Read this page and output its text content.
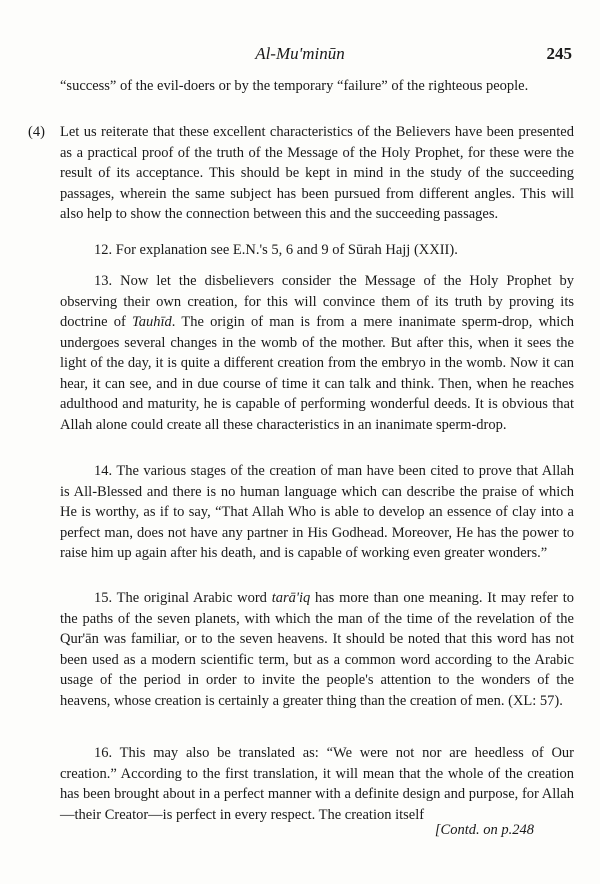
Al-Mu'minūn	245

“success” of the evil-doers or by the temporary “failure” of the righteous people.

(4) Let us reiterate that these excellent characteristics of the Believers have been presented as a practical proof of the truth of the Message of the Holy Prophet, for these were the result of its acceptance. This should be kept in mind in the study of the succeeding passages, wherein the same subject has been pursued from different angles. This will also help to show the connection between this and the succeeding passages.

12. For explanation see E.N.'s 5, 6 and 9 of Sūrah Hajj (XXII).

13. Now let the disbelievers consider the Message of the Holy Prophet by observing their own creation, for this will convince them of its truth by proving its doctrine of Tauhīd. The origin of man is from a mere inanimate sperm-drop, which undergoes several changes in the womb of the mother. But after this, when it sees the light of the day, it is quite a different creation from the embryo in the womb. Now it can hear, it can see, and in due course of time it can talk and think. Then, when he reaches adulthood and maturity, he is capable of performing wonderful deeds. It is obvious that Allah alone could create all these characteristics in an inanimate sperm-drop.

14. The various stages of the creation of man have been cited to prove that Allah is All-Blessed and there is no human language which can describe the praise of which He is worthy, as if to say, “That Allah Who is able to develop an essence of clay into a perfect man, does not have any partner in His Godhead. Moreover, He has the power to raise him up again after his death, and is capable of working even greater wonders.”

15. The original Arabic word tarā'iq has more than one meaning. It may refer to the paths of the seven planets, with which the man of the time of the revelation of the Qur'ān was familiar, or to the seven heavens. It should be noted that this word has not been used as a modern scientific term, but as a common word according to the Arabic usage of the period in order to invite the people's attention to the wonders of the heavens, whose creation is certainly a greater thing than the creation of men. (XL: 57).

16. This may also be translated as: “We were not nor are heedless of Our creation.” According to the first translation, it will mean that the whole of the creation has been brought about in a perfect manner with a definite design and purpose, for Allah—their Creator—is perfect in every respect. The creation itself

[Contd. on p.248
